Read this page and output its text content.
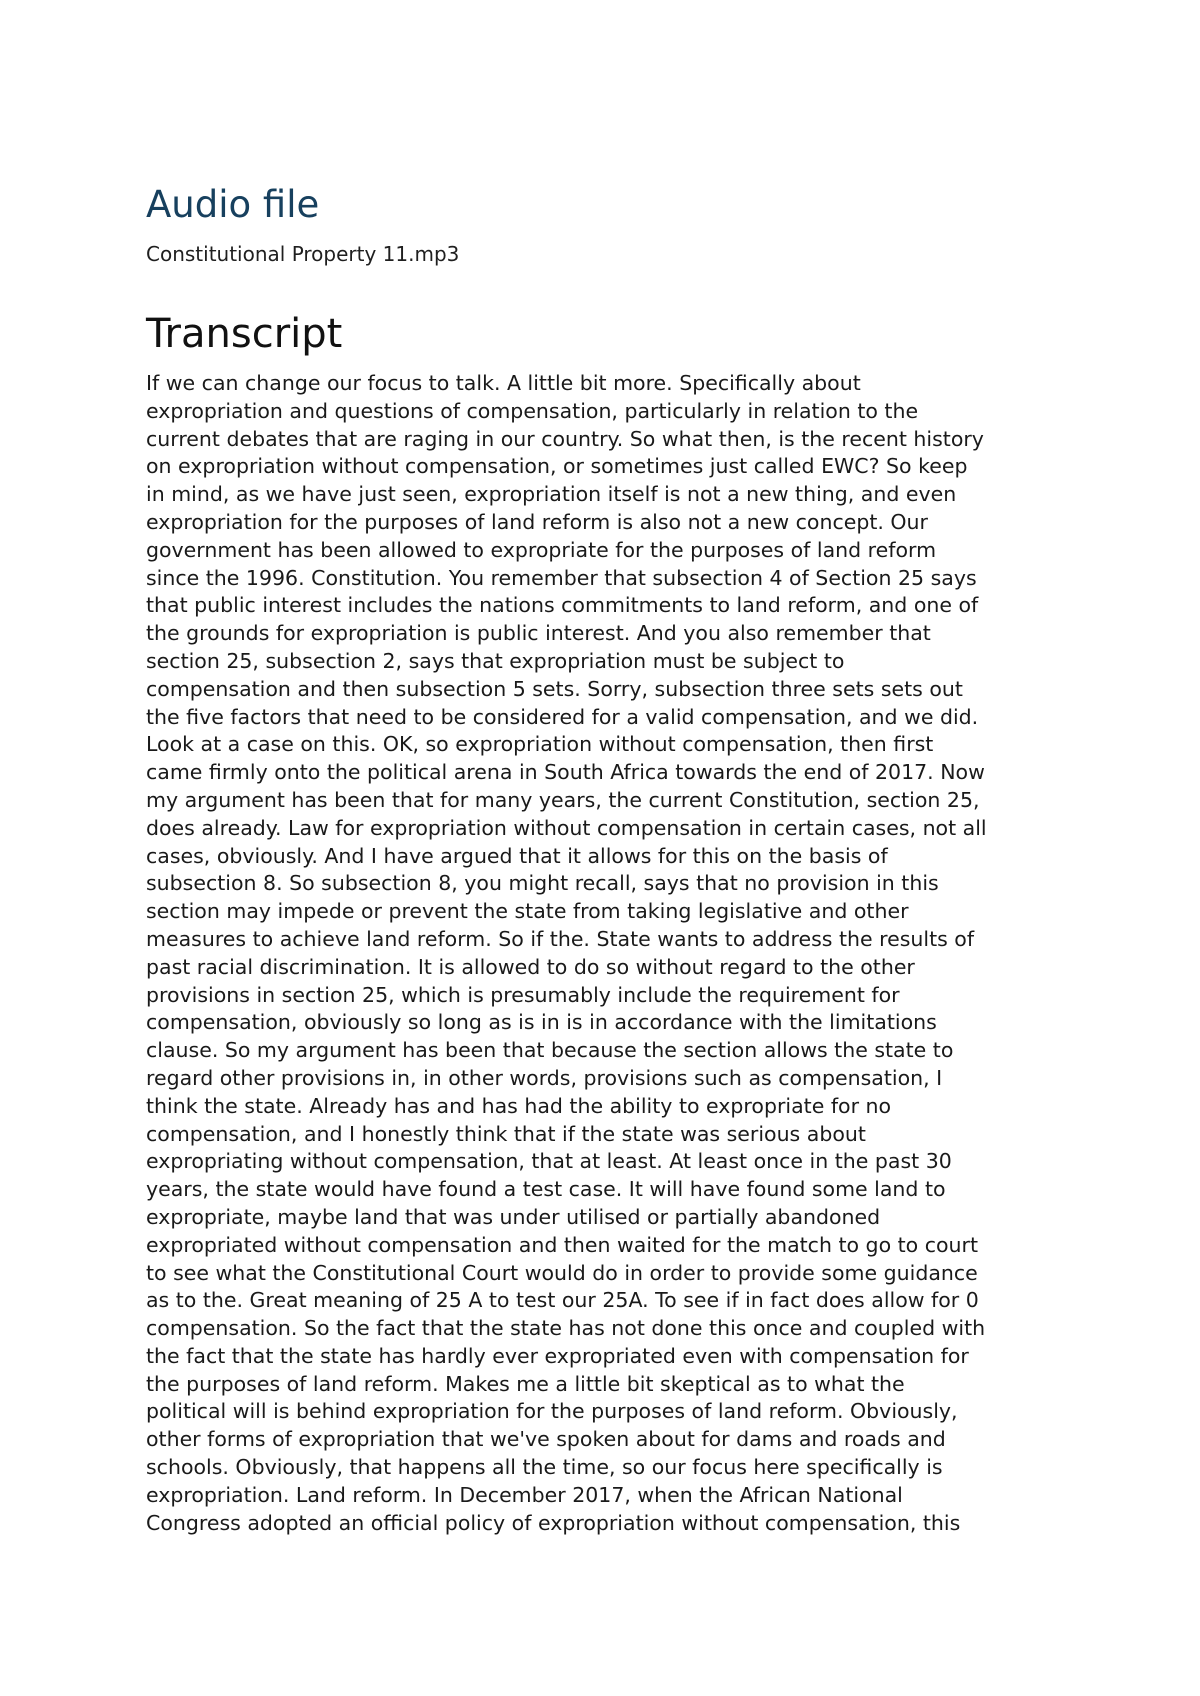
Audio file

Constitutional Property 11.mp3

Transcript
If we can change our focus to talk. A little bit more. Specifically about
expropriation and questions of compensation, particularly in relation to the
current debates that are raging in our country. So what then, is the recent history
on expropriation without compensation, or sometimes just called EWC? So keep
in mind, as we have just seen, expropriation itself is not a new thing, and even
expropriation for the purposes of land reform is also not a new concept. Our
government has been allowed to expropriate for the purposes of land reform
since the 1996. Constitution. You remember that subsection 4 of Section 25 says
that public interest includes the nations commitments to land reform, and one of
the grounds for expropriation is public interest. And you also remember that
section 25, subsection 2, says that expropriation must be subject to
compensation and then subsection 5 sets. Sorry, subsection three sets sets out
the five factors that need to be considered for a valid compensation, and we did.
Look at a case on this. OK, so expropriation without compensation, then first
came firmly onto the political arena in South Africa towards the end of 2017. Now
my argument has been that for many years, the current Constitution, section 25,
does already. Law for expropriation without compensation in certain cases, not all
cases, obviously. And I have argued that it allows for this on the basis of
subsection 8. So subsection 8, you might recall, says that no provision in this
section may impede or prevent the state from taking legislative and other
measures to achieve land reform. So if the. State wants to address the results of
past racial discrimination. It is allowed to do so without regard to the other
provisions in section 25, which is presumably include the requirement for
compensation, obviously so long as is in is in accordance with the limitations
clause. So my argument has been that because the section allows the state to
regard other provisions in, in other words, provisions such as compensation, I
think the state. Already has and has had the ability to expropriate for no
compensation, and I honestly think that if the state was serious about
expropriating without compensation, that at least. At least once in the past 30
years, the state would have found a test case. It will have found some land to
expropriate, maybe land that was under utilised or partially abandoned
expropriated without compensation and then waited for the match to go to court
to see what the Constitutional Court would do in order to provide some guidance
as to the. Great meaning of 25 A to test our 25A. To see if in fact does allow for 0
compensation. So the fact that the state has not done this once and coupled with
the fact that the state has hardly ever expropriated even with compensation for
the purposes of land reform. Makes me a little bit skeptical as to what the
political will is behind expropriation for the purposes of land reform. Obviously,
other forms of expropriation that we've spoken about for dams and roads and
schools. Obviously, that happens all the time, so our focus here specifically is
expropriation. Land reform. In December 2017, when the African National
Congress adopted an official policy of expropriation without compensation, this
